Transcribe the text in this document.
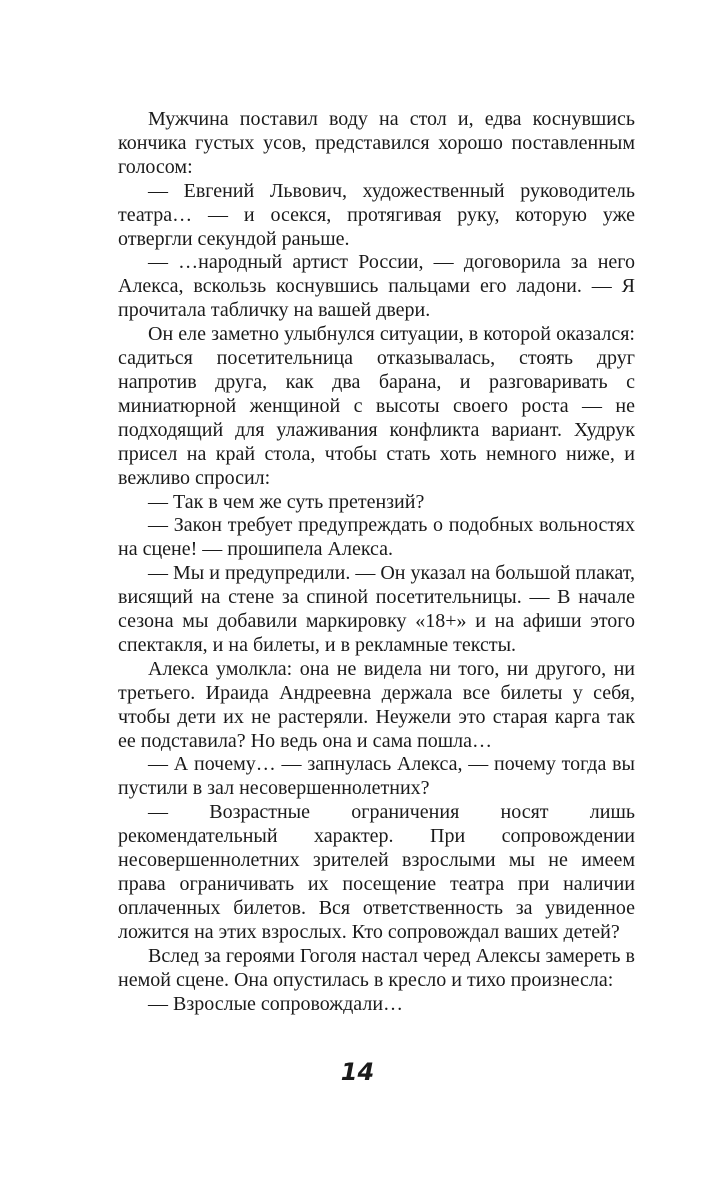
Мужчина поставил воду на стол и, едва коснувшись кончика густых усов, представился хорошо поставленным голосом:

— Евгений Львович, художественный руководитель театра… — и осекся, протягивая руку, которую уже отвергли секундой раньше.

— …народный артист России, — договорила за него Алекса, вскользь коснувшись пальцами его ладони. — Я прочитала табличку на вашей двери.

Он еле заметно улыбнулся ситуации, в которой оказался: садиться посетительница отказывалась, стоять друг напротив друга, как два барана, и разговаривать с миниатюрной женщиной с высоты своего роста — не подходящий для улаживания конфликта вариант. Худрук присел на край стола, чтобы стать хоть немного ниже, и вежливо спросил:

— Так в чем же суть претензий?

— Закон требует предупреждать о подобных вольностях на сцене! — прошипела Алекса.

— Мы и предупредили. — Он указал на большой плакат, висящий на стене за спиной посетительницы. — В начале сезона мы добавили маркировку «18+» и на афиши этого спектакля, и на билеты, и в рекламные тексты.

Алекса умолкла: она не видела ни того, ни другого, ни третьего. Ираида Андреевна держала все билеты у себя, чтобы дети их не растеряли. Неужели это старая карга так ее подставила? Но ведь она и сама пошла…

— А почему… — запнулась Алекса, — почему тогда вы пустили в зал несовершеннолетних?

— Возрастные ограничения носят лишь рекомендательный характер. При сопровождении несовершеннолетних зрителей взрослыми мы не имеем права ограничивать их посещение театра при наличии оплаченных билетов. Вся ответственность за увиденное ложится на этих взрослых. Кто сопровождал ваших детей?

Вслед за героями Гоголя настал черед Алексы замереть в немой сцене. Она опустилась в кресло и тихо произнесла:

— Взрослые сопровождали…

14
